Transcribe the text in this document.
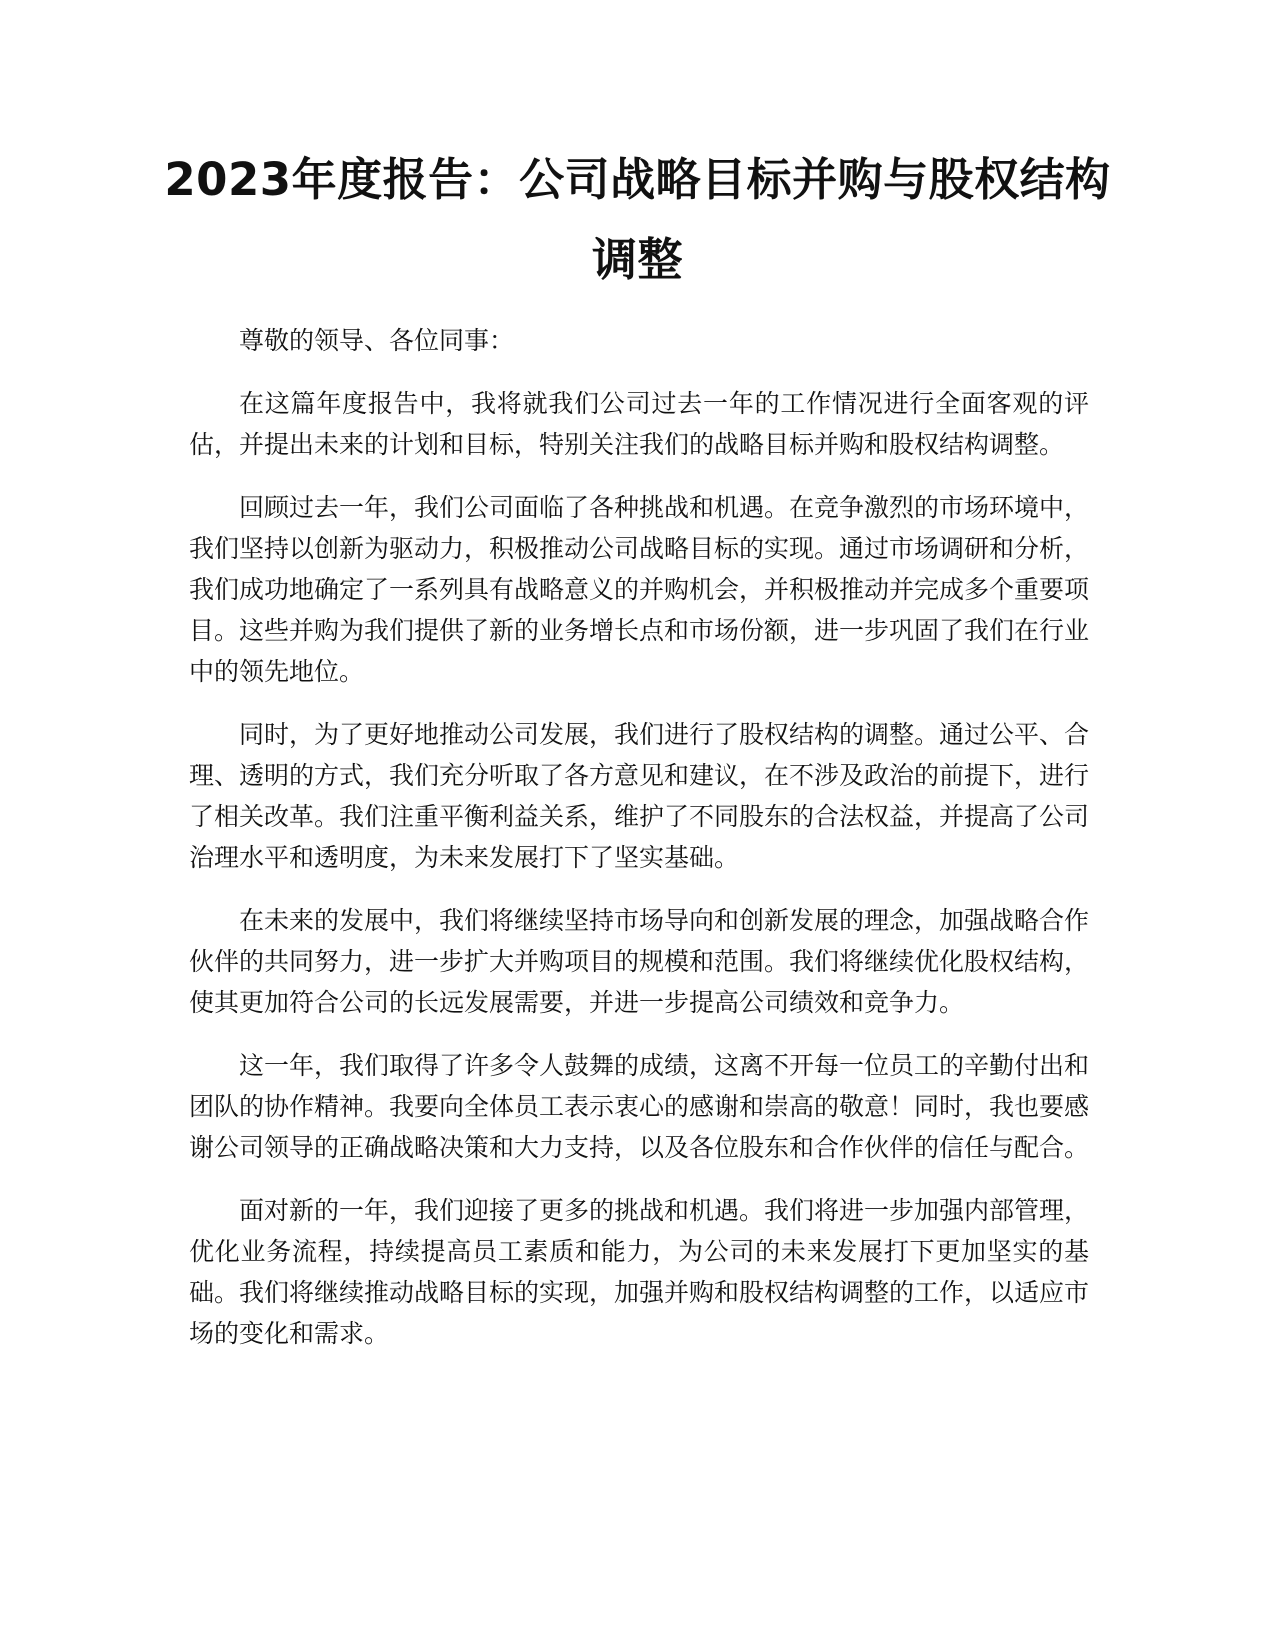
2023年度报告：公司战略目标并购与股权结构调整

尊敬的领导、各位同事：

在这篇年度报告中，我将就我们公司过去一年的工作情况进行全面客观的评估，并提出未来的计划和目标，特别关注我们的战略目标并购和股权结构调整。

回顾过去一年，我们公司面临了各种挑战和机遇。在竞争激烈的市场环境中，我们坚持以创新为驱动力，积极推动公司战略目标的实现。通过市场调研和分析，我们成功地确定了一系列具有战略意义的并购机会，并积极推动并完成多个重要项目。这些并购为我们提供了新的业务增长点和市场份额，进一步巩固了我们在行业中的领先地位。

同时，为了更好地推动公司发展，我们进行了股权结构的调整。通过公平、合理、透明的方式，我们充分听取了各方意见和建议，在不涉及政治的前提下，进行了相关改革。我们注重平衡利益关系，维护了不同股东的合法权益，并提高了公司治理水平和透明度，为未来发展打下了坚实基础。

在未来的发展中，我们将继续坚持市场导向和创新发展的理念，加强战略合作伙伴的共同努力，进一步扩大并购项目的规模和范围。我们将继续优化股权结构，使其更加符合公司的长远发展需要，并进一步提高公司绩效和竞争力。

这一年，我们取得了许多令人鼓舞的成绩，这离不开每一位员工的辛勤付出和团队的协作精神。我要向全体员工表示衷心的感谢和崇高的敬意！同时，我也要感谢公司领导的正确战略决策和大力支持，以及各位股东和合作伙伴的信任与配合。

面对新的一年，我们迎接了更多的挑战和机遇。我们将进一步加强内部管理，优化业务流程，持续提高员工素质和能力，为公司的未来发展打下更加坚实的基础。我们将继续推动战略目标的实现，加强并购和股权结构调整的工作，以适应市场的变化和需求。
